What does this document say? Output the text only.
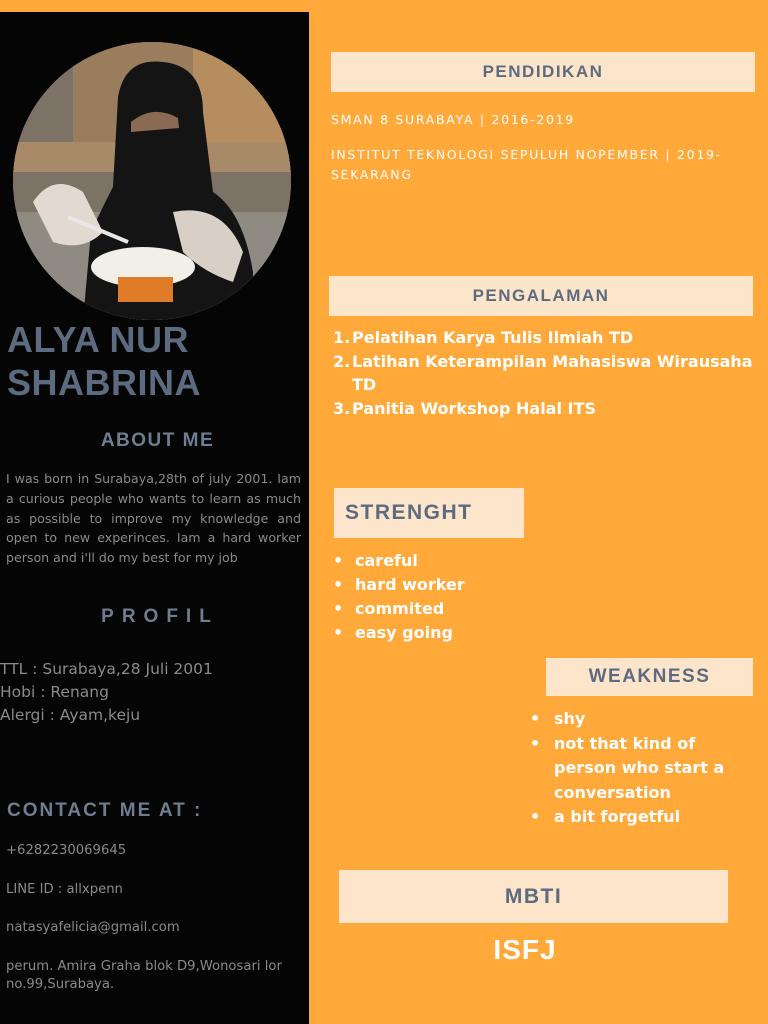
ALYA NUR
SHABRINA
ABOUT ME

I was born in Surabaya,28th of july 2001. Iam a curious people who wants to learn as much as possible to improve my knowledge and open to new experinces. Iam a hard worker person and i'll do my best for my job

PROFIL
TTL : Surabaya,28 Juli 2001
Hobi : Renang
Alergi : Ayam,keju
CONTACT ME AT :
+6282230069645
LINE ID : allxpenn
natasyafelicia@gmail.com
perum. Amira Graha blok D9,Wonosari lor no.99,Surabaya.
PENDIDIKAN

SMAN 8 SURABAYA | 2016-2019

INSTITUT TEKNOLOGI SEPULUH NOPEMBER | 2019-SEKARANG

PENGALAMAN
1. Pelatihan Karya Tulis Ilmiah TD
2. Latihan Keterampilan Mahasiswa Wirausaha TD
3. Panitia Workshop Halal ITS
STRENGHT
• careful
• hard worker
• commited
• easy going
WEAKNESS
• shy
• not that kind of person who start a conversation
• a bit forgetful
MBTI

ISFJ
